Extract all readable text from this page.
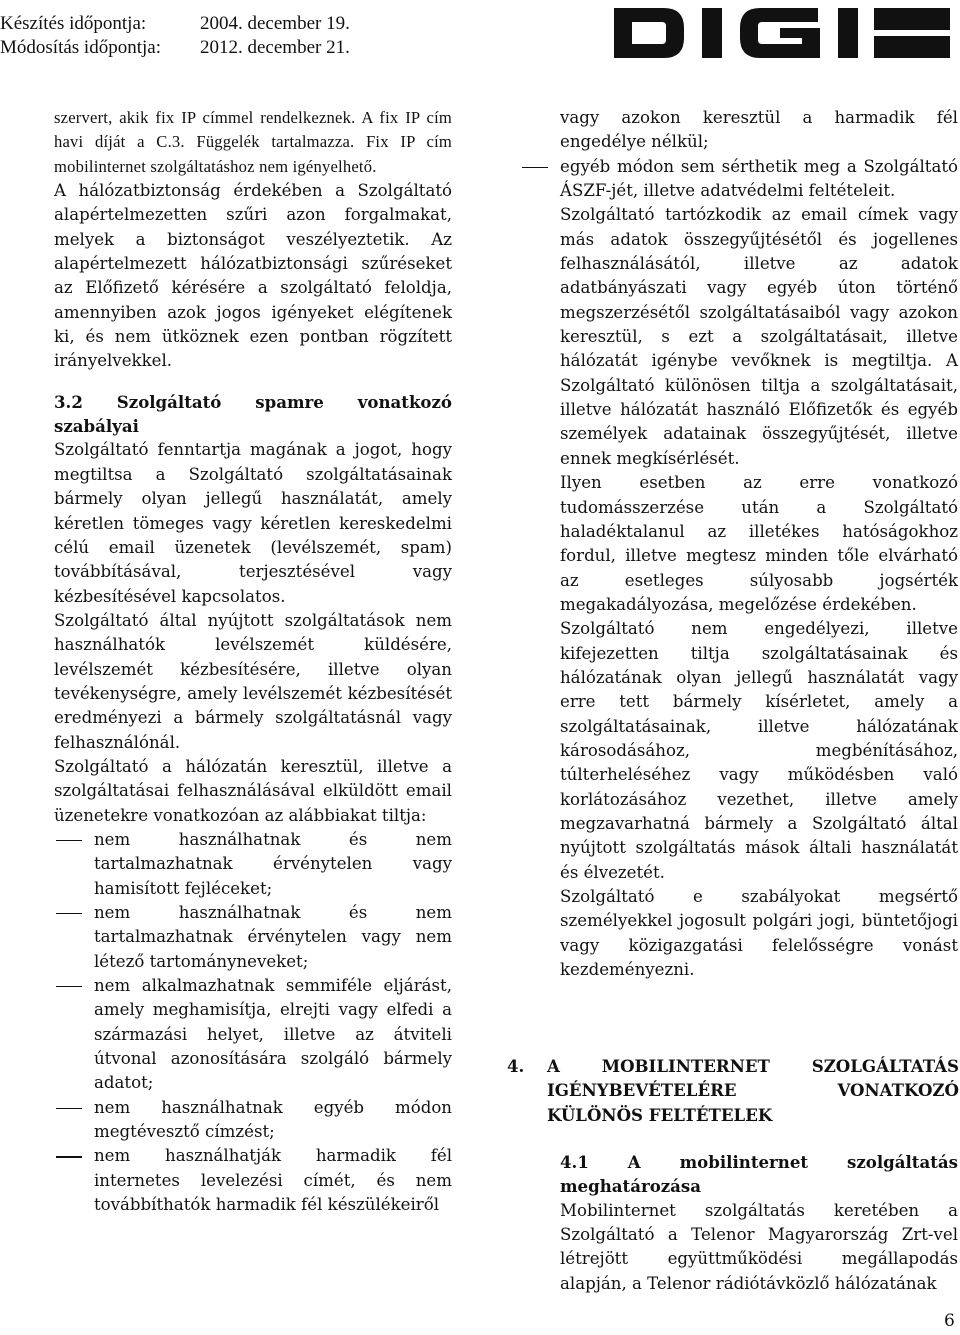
Készítés időpontja:	2004. december 19.
Módosítás időpontja: 2012. december 21.
DIGI

szervert, akik fix IP címmel rendelkeznek. A fix IP cím havi díját a C.3. Függelék tartalmazza. Fix IP cím mobilinternet szolgáltatáshoz nem igényelhető.

A hálózatbiztonság érdekében a Szolgáltató alapértelmezetten szűri azon forgalmakat, melyek a biztonságot veszélyeztetik. Az alapértelmezett hálózatbiztonsági szűréseket az Előfizető kérésére a szolgáltató feloldja, amennyiben azok jogos igényeket elégítenek ki, és nem ütköznek ezen pontban rögzített irányelvekkel.

3.2 Szolgáltató spamre vonatkozó szabályai

Szolgáltató fenntartja magának a jogot, hogy megtiltsa a Szolgáltató szolgáltatásainak bármely olyan jellegű használatát, amely kéretlen tömeges vagy kéretlen kereskedelmi célú email üzenetek (levélszemét, spam) továbbításával, terjesztésével vagy kézbesítésével kapcsolatos.

Szolgáltató által nyújtott szolgáltatások nem használhatók levélszemét küldésére, levélszemét kézbesítésére, illetve olyan tevékenységre, amely levélszemét kézbesítését eredményezi a bármely szolgáltatásnál vagy felhasználónál.

Szolgáltató a hálózatán keresztül, illetve a szolgáltatásai felhasználásával elküldött email üzenetekre vonatkozóan az alábbiakat tiltja:

nem használhatnak és nem tartalmazhatnak érvénytelen vagy hamisított fejléceket;
nem használhatnak és nem tartalmazhatnak érvénytelen vagy nem létező tartományneveket;
nem alkalmazhatnak semmiféle eljárást, amely meghamisítja, elrejti vagy elfedi a származási helyet, illetve az átviteli útvonal azonosítására szolgáló bármely adatot;
nem használhatnak egyéb módon megtévesztő címzést;
nem használhatják harmadik fél internetes levelezési címét, és nem továbbíthatók harmadik fél készülékeiről

vagy azokon keresztül a harmadik fél engedélye nélkül;

egyéb módon sem sérthetik meg a Szolgáltató ÁSZF-jét, illetve adatvédelmi feltételeit.

Szolgáltató tartózkodik az email címek vagy más adatok összegyűjtésétől és jogellenes felhasználásától, illetve az adatok adatbányászati vagy egyéb úton történő megszerzésétől szolgáltatásaiból vagy azokon keresztül, s ezt a szolgáltatásait, illetve hálózatát igénybe vevőknek is megtiltja. A Szolgáltató különösen tiltja a szolgáltatásait, illetve hálózatát használó Előfizetők és egyéb személyek adatainak összegyűjtését, illetve ennek megkísérlését.

Ilyen esetben az erre vonatkozó tudomásszerzése után a Szolgáltató haladéktalanul az illetékes hatóságokhoz fordul, illetve megtesz minden tőle elvárható az esetleges súlyosabb jogsérték megakadályozása, megelőzése érdekében.

Szolgáltató nem engedélyezi, illetve kifejezetten tiltja szolgáltatásainak és hálózatának olyan jellegű használatát vagy erre tett bármely kísérletet, amely a szolgáltatásainak, illetve hálózatának károsodásához, megbénításához, túlterheléséhez vagy működésben való korlátozásához vezethet, illetve amely megzavarhatná bármely a Szolgáltató által nyújtott szolgáltatás mások általi használatát és élvezetét.

Szolgáltató e szabályokat megsértő személyekkel jogosult polgári jogi, büntetőjogi vagy közigazgatási felelősségre vonást kezdeményezni.

4. A MOBILINTERNET SZOLGÁLTATÁS IGÉNYBEVÉTELÉRE VONATKOZÓ KÜLÖNÖS FELTÉTELEK

4.1 A mobilinternet szolgáltatás meghatározása

Mobilinternet szolgáltatás keretében a Szolgáltató a Telenor Magyarország Zrt-vel létrejött együttműködési megállapodás alapján, a Telenor rádiótávközlő hálózatának

6
